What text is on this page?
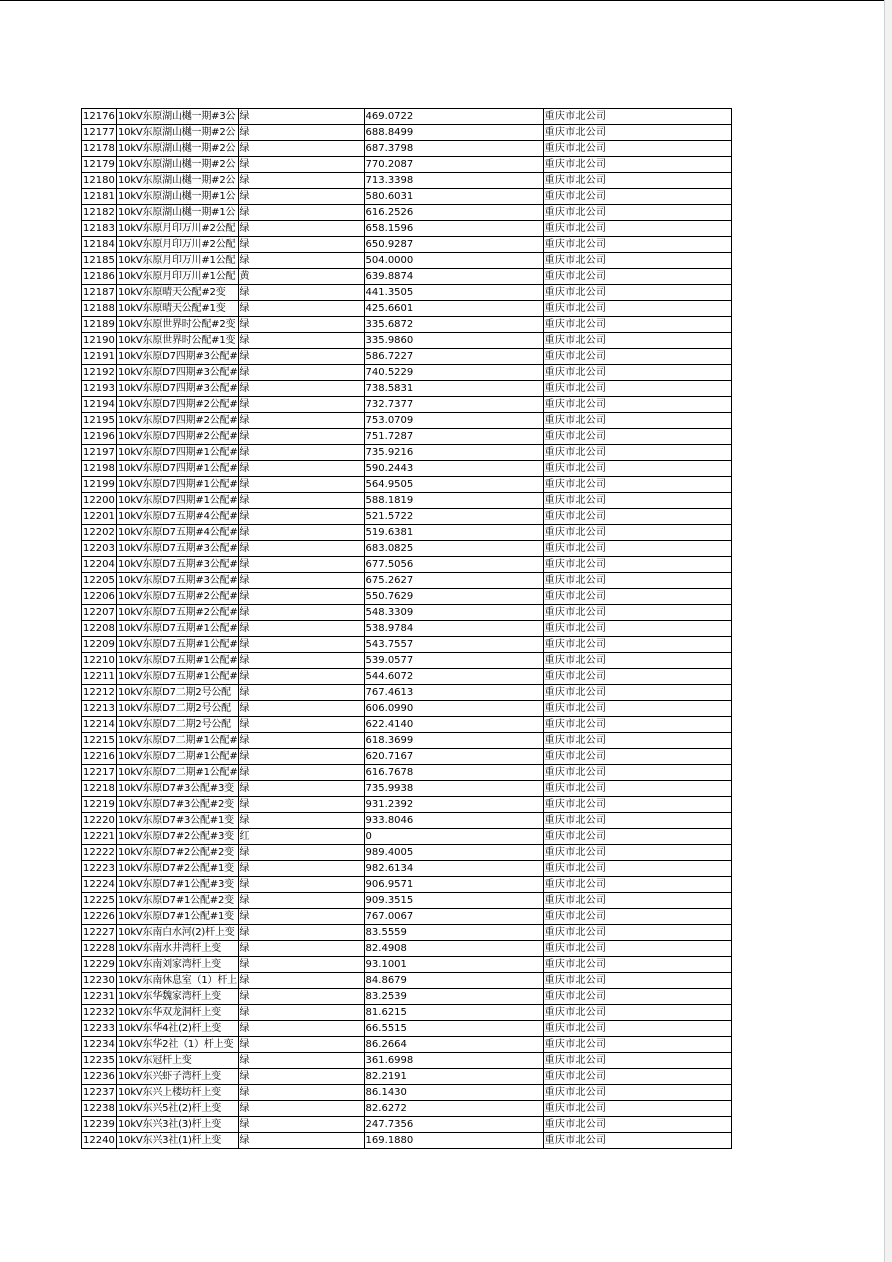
12176	10kV东原湖山樾一期#3公	绿	469.0722	重庆市北公司
12177	10kV东原湖山樾一期#2公	绿	688.8499	重庆市北公司
12178	10kV东原湖山樾一期#2公	绿	687.3798	重庆市北公司
12179	10kV东原湖山樾一期#2公	绿	770.2087	重庆市北公司
12180	10kV东原湖山樾一期#2公	绿	713.3398	重庆市北公司
12181	10kV东原湖山樾一期#1公	绿	580.6031	重庆市北公司
12182	10kV东原湖山樾一期#1公	绿	616.2526	重庆市北公司
12183	10kV东原月印万川#2公配	绿	658.1596	重庆市北公司
12184	10kV东原月印万川#2公配	绿	650.9287	重庆市北公司
12185	10kV东原月印万川#1公配	绿	504.0000	重庆市北公司
12186	10kV东原月印万川#1公配	黄	639.8874	重庆市北公司
12187	10kV东原晴天公配#2变	绿	441.3505	重庆市北公司
12188	10kV东原晴天公配#1变	绿	425.6601	重庆市北公司
12189	10kV东原世界时公配#2变	绿	335.6872	重庆市北公司
12190	10kV东原世界时公配#1变	绿	335.9860	重庆市北公司
12191	10kV东原D7四期#3公配#	绿	586.7227	重庆市北公司
12192	10kV东原D7四期#3公配#	绿	740.5229	重庆市北公司
12193	10kV东原D7四期#3公配#	绿	738.5831	重庆市北公司
12194	10kV东原D7四期#2公配#	绿	732.7377	重庆市北公司
12195	10kV东原D7四期#2公配#	绿	753.0709	重庆市北公司
12196	10kV东原D7四期#2公配#	绿	751.7287	重庆市北公司
12197	10kV东原D7四期#1公配#	绿	735.9216	重庆市北公司
12198	10kV东原D7四期#1公配#	绿	590.2443	重庆市北公司
12199	10kV东原D7四期#1公配#	绿	564.9505	重庆市北公司
12200	10kV东原D7四期#1公配#	绿	588.1819	重庆市北公司
12201	10kV东原D7五期#4公配#	绿	521.5722	重庆市北公司
12202	10kV东原D7五期#4公配#	绿	519.6381	重庆市北公司
12203	10kV东原D7五期#3公配#	绿	683.0825	重庆市北公司
12204	10kV东原D7五期#3公配#	绿	677.5056	重庆市北公司
12205	10kV东原D7五期#3公配#	绿	675.2627	重庆市北公司
12206	10kV东原D7五期#2公配#	绿	550.7629	重庆市北公司
12207	10kV东原D7五期#2公配#	绿	548.3309	重庆市北公司
12208	10kV东原D7五期#1公配#	绿	538.9784	重庆市北公司
12209	10kV东原D7五期#1公配#	绿	543.7557	重庆市北公司
12210	10kV东原D7五期#1公配#	绿	539.0577	重庆市北公司
12211	10kV东原D7五期#1公配#	绿	544.6072	重庆市北公司
12212	10kV东原D7二期2号公配	绿	767.4613	重庆市北公司
12213	10kV东原D7二期2号公配	绿	606.0990	重庆市北公司
12214	10kV东原D7二期2号公配	绿	622.4140	重庆市北公司
12215	10kV东原D7二期#1公配#	绿	618.3699	重庆市北公司
12216	10kV东原D7二期#1公配#	绿	620.7167	重庆市北公司
12217	10kV东原D7二期#1公配#	绿	616.7678	重庆市北公司
12218	10kV东原D7#3公配#3变	绿	735.9938	重庆市北公司
12219	10kV东原D7#3公配#2变	绿	931.2392	重庆市北公司
12220	10kV东原D7#3公配#1变	绿	933.8046	重庆市北公司
12221	10kV东原D7#2公配#3变	红	0	重庆市北公司
12222	10kV东原D7#2公配#2变	绿	989.4005	重庆市北公司
12223	10kV东原D7#2公配#1变	绿	982.6134	重庆市北公司
12224	10kV东原D7#1公配#3变	绿	906.9571	重庆市北公司
12225	10kV东原D7#1公配#2变	绿	909.3515	重庆市北公司
12226	10kV东原D7#1公配#1变	绿	767.0067	重庆市北公司
12227	10kV东南白水河(2)杆上变	绿	83.5559	重庆市北公司
12228	10kV东南水井湾杆上变	绿	82.4908	重庆市北公司
12229	10kV东南刘家湾杆上变	绿	93.1001	重庆市北公司
12230	10kV东南休息室（1）杆上	绿	84.8679	重庆市北公司
12231	10kV东华魏家湾杆上变	绿	83.2539	重庆市北公司
12232	10kV东华双龙洞杆上变	绿	81.6215	重庆市北公司
12233	10kV东华4社(2)杆上变	绿	66.5515	重庆市北公司
12234	10kV东华2社（1）杆上变	绿	86.2664	重庆市北公司
12235	10kV东冠杆上变	绿	361.6998	重庆市北公司
12236	10kV东兴虾子湾杆上变	绿	82.2191	重庆市北公司
12237	10kV东兴上楼坊杆上变	绿	86.1430	重庆市北公司
12238	10kV东兴5社(2)杆上变	绿	82.6272	重庆市北公司
12239	10kV东兴3社(3)杆上变	绿	247.7356	重庆市北公司
12240	10kV东兴3社(1)杆上变	绿	169.1880	重庆市北公司
